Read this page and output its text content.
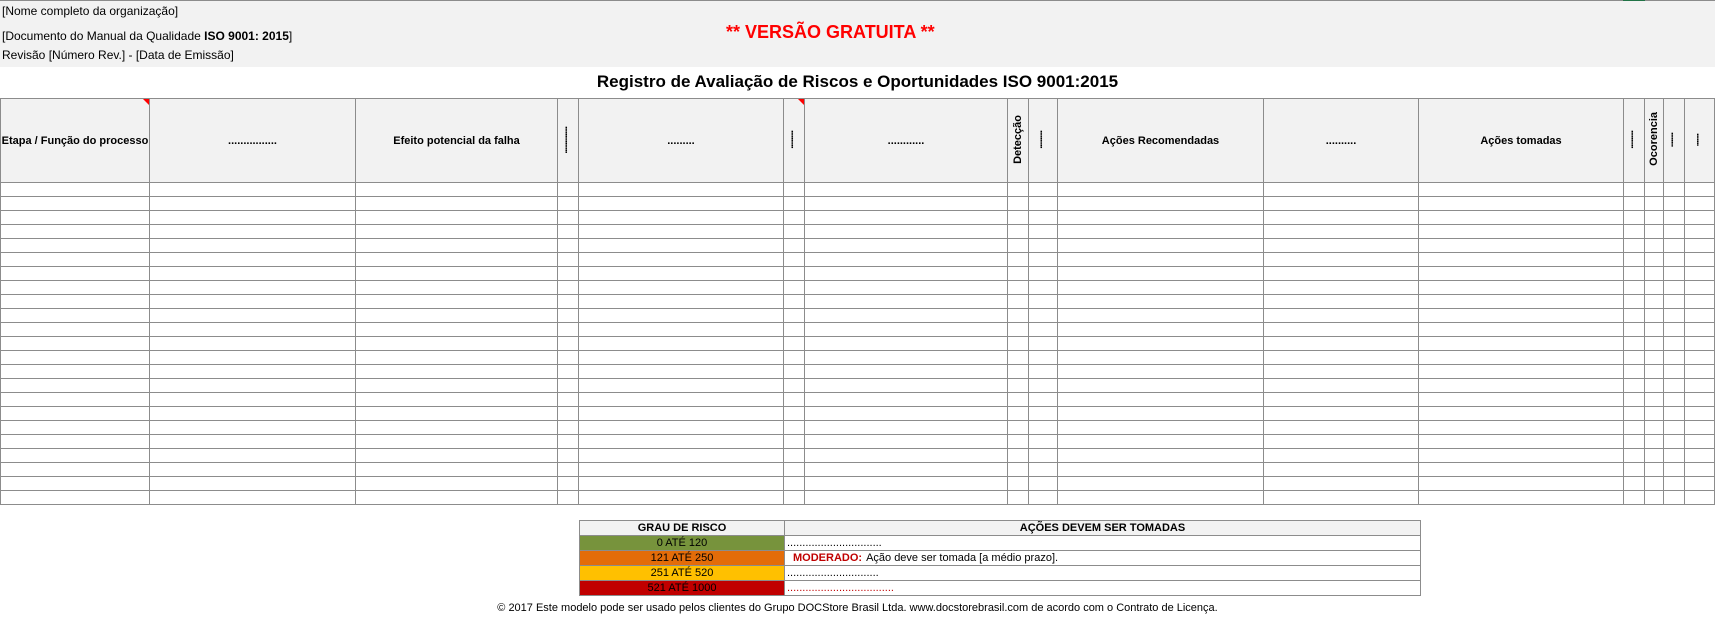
[Nome completo da organização]
[Documento do Manual da Qualidade ISO 9001: 2015]
Revisão [Número Rev.] - [Data de Emissão]
** VERSÃO GRATUITA **
Registro de Avaliação de Riscos e Oportunidades ISO 9001:2015
Etapa / Função do processo	................	Efeito potencial da falha	...............	.........	..........	............	Detecção	..........	Ações Recomendadas	..........	Ações tomadas	..........	Ocorencia	........	.......

GRAU DE RISCO	AÇÕES DEVEM SER TOMADAS
0 ATÉ 120	...............................
121 ATÉ 250	MODERADO: Ação deve ser tomada [a médio prazo].
251 ATÉ 520	..............................
521 ATÉ 1000	...................................
© 2017 Este modelo pode ser usado pelos clientes do Grupo DOCStore Brasil Ltda. www.docstorebrasil.com de acordo com o Contrato de Licença.
